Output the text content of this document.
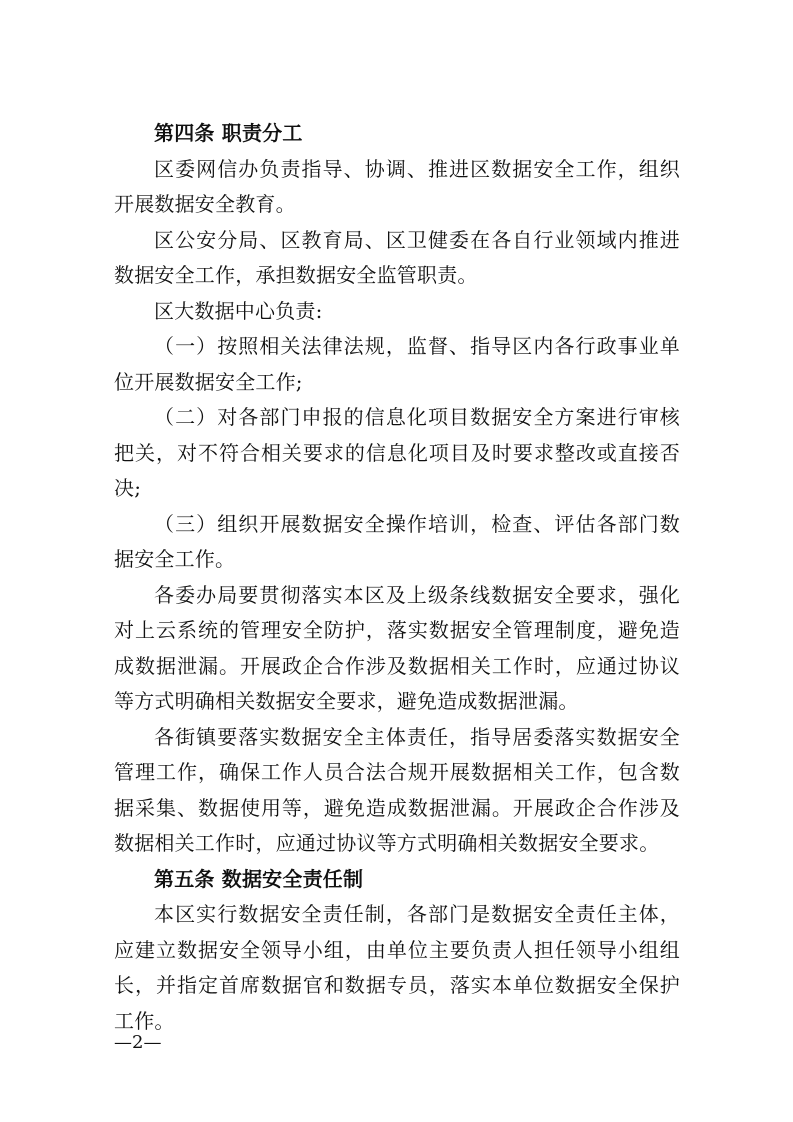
第四条 职责分工
区委网信办负责指导、协调、推进区数据安全工作，组织
开展数据安全教育。
区公安分局、区教育局、区卫健委在各自行业领域内推进
数据安全工作，承担数据安全监管职责。
区大数据中心负责:
（一）按照相关法律法规，监督、指导区内各行政事业单
位开展数据安全工作;
（二）对各部门申报的信息化项目数据安全方案进行审核
把关，对不符合相关要求的信息化项目及时要求整改或直接否
决;
（三）组织开展数据安全操作培训，检查、评估各部门数
据安全工作。
各委办局要贯彻落实本区及上级条线数据安全要求，强化
对上云系统的管理安全防护，落实数据安全管理制度，避免造
成数据泄漏。开展政企合作涉及数据相关工作时，应通过协议
等方式明确相关数据安全要求，避免造成数据泄漏。
各街镇要落实数据安全主体责任，指导居委落实数据安全
管理工作，确保工作人员合法合规开展数据相关工作，包含数
据采集、数据使用等，避免造成数据泄漏。开展政企合作涉及
数据相关工作时，应通过协议等方式明确相关数据安全要求。
第五条 数据安全责任制
本区实行数据安全责任制，各部门是数据安全责任主体，
应建立数据安全领导小组，由单位主要负责人担任领导小组组
长，并指定首席数据官和数据专员，落实本单位数据安全保护
工作。
—2—
